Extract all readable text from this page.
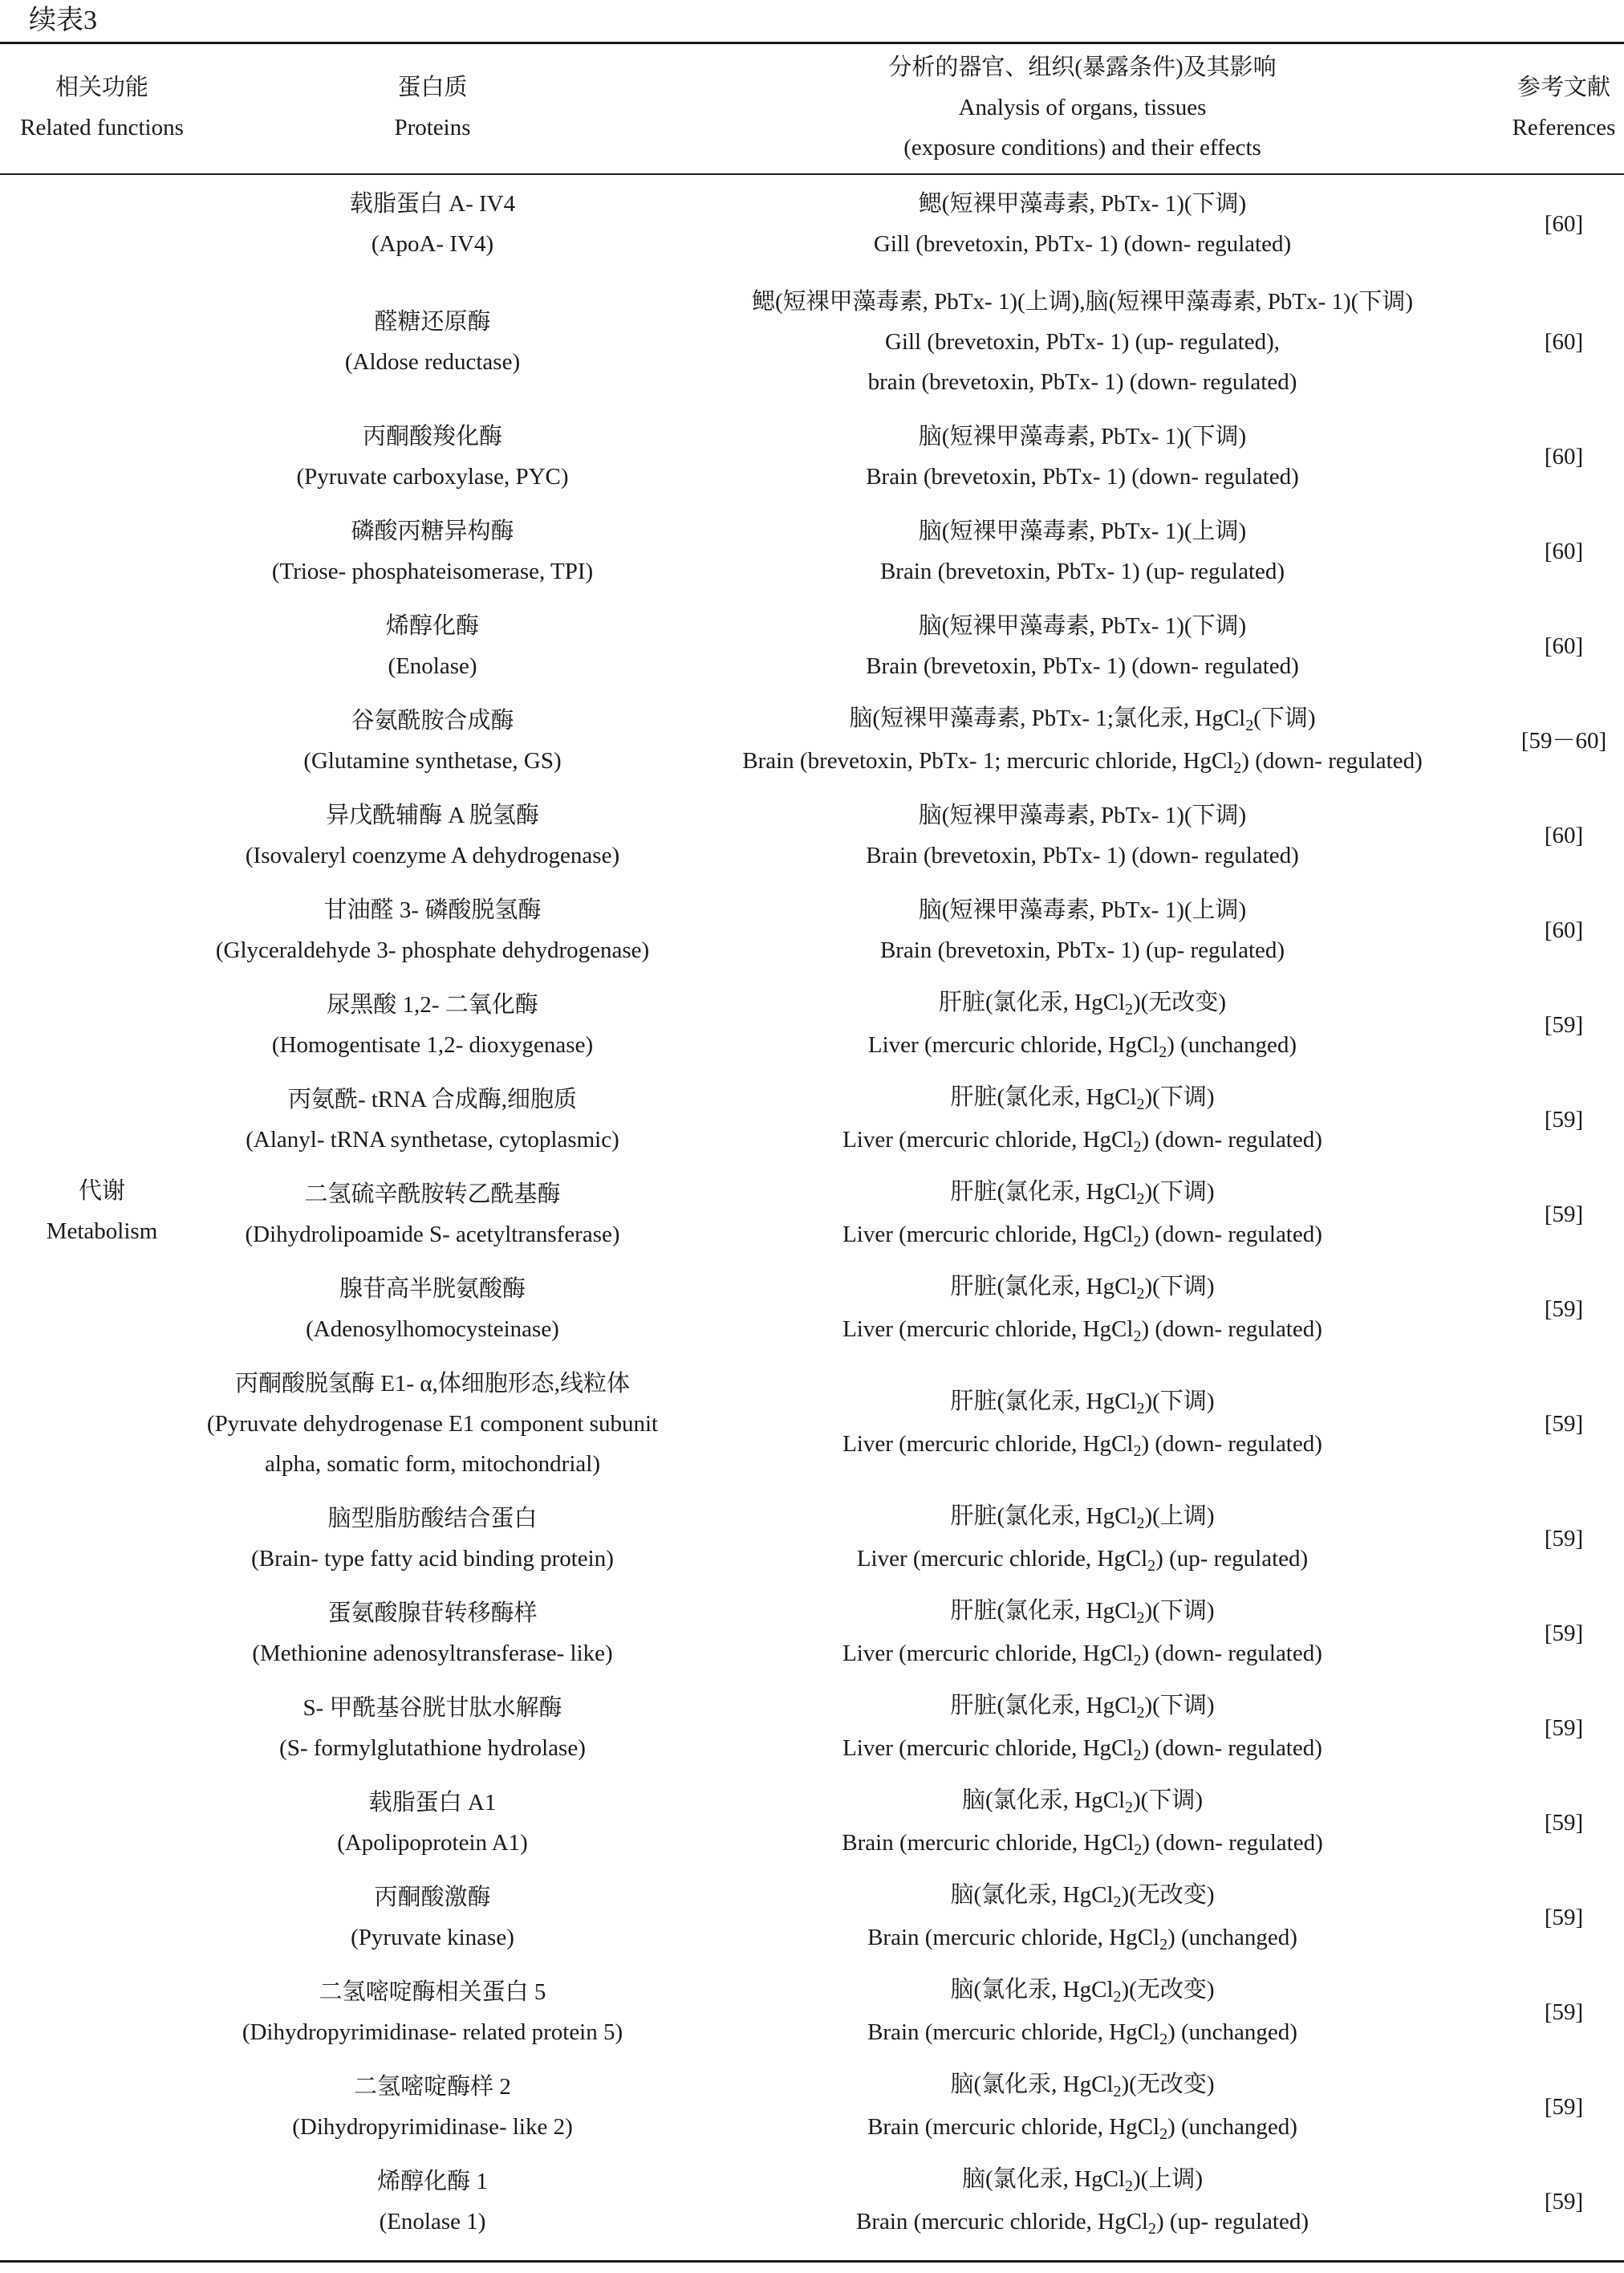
续表3
相关功能
Related functions	蛋白质
Proteins	分析的器官、组织(暴露条件)及其影响
Analysis of organs, tissues
(exposure conditions) and their effects	参考文献
References

代谢
Metabolism	载脂蛋白 A- IV4
(ApoA- IV4)	鳃(短裸甲藻毒素, PbTx- 1)(下调)
Gill (brevetoxin, PbTx- 1) (down- regulated)	[60]

	醛糖还原酶
(Aldose reductase)	鳃(短裸甲藻毒素, PbTx- 1)(上调),脑(短裸甲藻毒素, PbTx- 1)(下调)
Gill (brevetoxin, PbTx- 1) (up- regulated),
brain (brevetoxin, PbTx- 1) (down- regulated)	[60]

	丙酮酸羧化酶
(Pyruvate carboxylase, PYC)	脑(短裸甲藻毒素, PbTx- 1)(下调)
Brain (brevetoxin, PbTx- 1) (down- regulated)	[60]

	磷酸丙糖异构酶
(Triose- phosphateisomerase, TPI)	脑(短裸甲藻毒素, PbTx- 1)(上调)
Brain (brevetoxin, PbTx- 1) (up- regulated)	[60]

	烯醇化酶
(Enolase)	脑(短裸甲藻毒素, PbTx- 1)(下调)
Brain (brevetoxin, PbTx- 1) (down- regulated)	[60]

	谷氨酰胺合成酶
(Glutamine synthetase, GS)	脑(短裸甲藻毒素, PbTx- 1;氯化汞, HgCl$_2$(下调)
Brain (brevetoxin, PbTx- 1; mercuric chloride, HgCl$_2$) (down- regulated)	[59－60]

	异戊酰辅酶 A 脱氢酶
(Isovaleryl coenzyme A dehydrogenase)	脑(短裸甲藻毒素, PbTx- 1)(下调)
Brain (brevetoxin, PbTx- 1) (down- regulated)	[60]

	甘油醛 3- 磷酸脱氢酶
(Glyceraldehyde 3- phosphate dehydrogenase)	脑(短裸甲藻毒素, PbTx- 1)(上调)
Brain (brevetoxin, PbTx- 1) (up- regulated)	[60]

	尿黑酸 1,2- 二氧化酶
(Homogentisate 1,2- dioxygenase)	肝脏(氯化汞, HgCl$_2$)(无改变)
Liver (mercuric chloride, HgCl$_2$) (unchanged)	[59]

	丙氨酰- tRNA 合成酶,细胞质
(Alanyl- tRNA synthetase, cytoplasmic)	肝脏(氯化汞, HgCl$_2$)(下调)
Liver (mercuric chloride, HgCl$_2$) (down- regulated)	[59]

	二氢硫辛酰胺转乙酰基酶
(Dihydrolipoamide S- acetyltransferase)	肝脏(氯化汞, HgCl$_2$)(下调)
Liver (mercuric chloride, HgCl$_2$) (down- regulated)	[59]

	腺苷高半胱氨酸酶
(Adenosylhomocysteinase)	肝脏(氯化汞, HgCl$_2$)(下调)
Liver (mercuric chloride, HgCl$_2$) (down- regulated)	[59]

	丙酮酸脱氢酶 E1- α,体细胞形态,线粒体
(Pyruvate dehydrogenase E1 component subunit
alpha, somatic form, mitochondrial)	肝脏(氯化汞, HgCl$_2$)(下调)
Liver (mercuric chloride, HgCl$_2$) (down- regulated)	[59]

	脑型脂肪酸结合蛋白
(Brain- type fatty acid binding protein)	肝脏(氯化汞, HgCl$_2$)(上调)
Liver (mercuric chloride, HgCl$_2$) (up- regulated)	[59]

	蛋氨酸腺苷转移酶样
(Methionine adenosyltransferase- like)	肝脏(氯化汞, HgCl$_2$)(下调)
Liver (mercuric chloride, HgCl$_2$) (down- regulated)	[59]

	S- 甲酰基谷胱甘肽水解酶
(S- formylglutathione hydrolase)	肝脏(氯化汞, HgCl$_2$)(下调)
Liver (mercuric chloride, HgCl$_2$) (down- regulated)	[59]

	载脂蛋白 A1
(Apolipoprotein A1)	脑(氯化汞, HgCl$_2$)(下调)
Brain (mercuric chloride, HgCl$_2$) (down- regulated)	[59]

	丙酮酸激酶
(Pyruvate kinase)	脑(氯化汞, HgCl$_2$)(无改变)
Brain (mercuric chloride, HgCl$_2$) (unchanged)	[59]

	二氢嘧啶酶相关蛋白 5
(Dihydropyrimidinase- related protein 5)	脑(氯化汞, HgCl$_2$)(无改变)
Brain (mercuric chloride, HgCl$_2$) (unchanged)	[59]

	二氢嘧啶酶样 2
(Dihydropyrimidinase- like 2)	脑(氯化汞, HgCl$_2$)(无改变)
Brain (mercuric chloride, HgCl$_2$) (unchanged)	[59]

	烯醇化酶 1
(Enolase 1)	脑(氯化汞, HgCl$_2$)(上调)
Brain (mercuric chloride, HgCl$_2$) (up- regulated)	[59]
